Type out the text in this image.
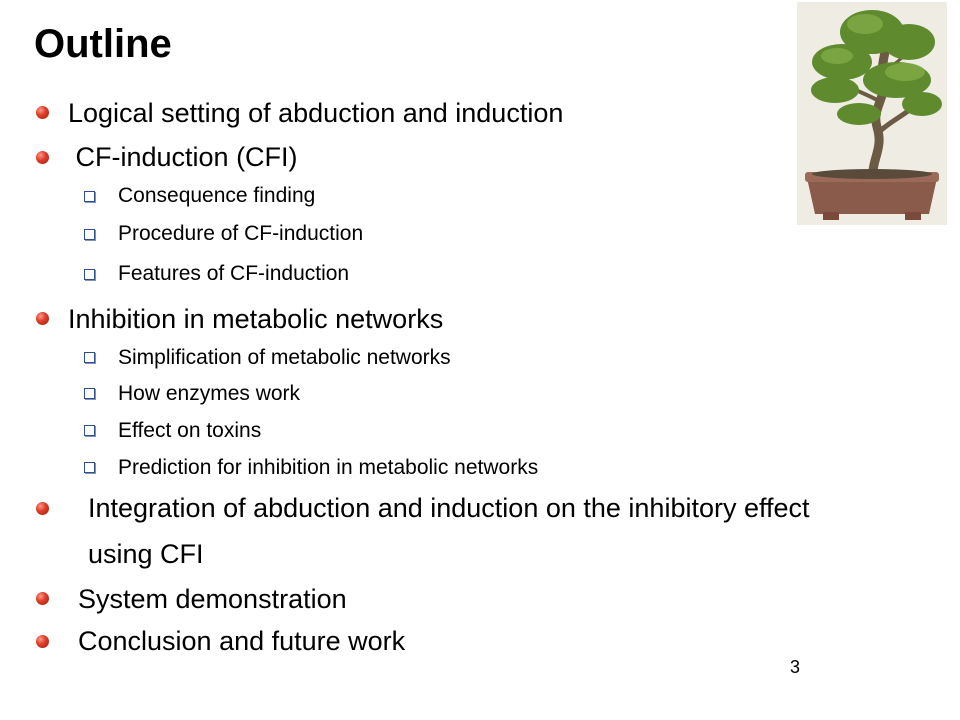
Outline
Logical setting of abduction and induction
CF-induction (CFI)
Consequence finding
Procedure of CF-induction
Features of CF-induction
Inhibition in metabolic networks
Simplification of metabolic networks
How enzymes work
Effect on toxins
Prediction for inhibition in metabolic networks
Integration of abduction and induction on the inhibitory effect
using CFI
System demonstration
Conclusion and future work
3
